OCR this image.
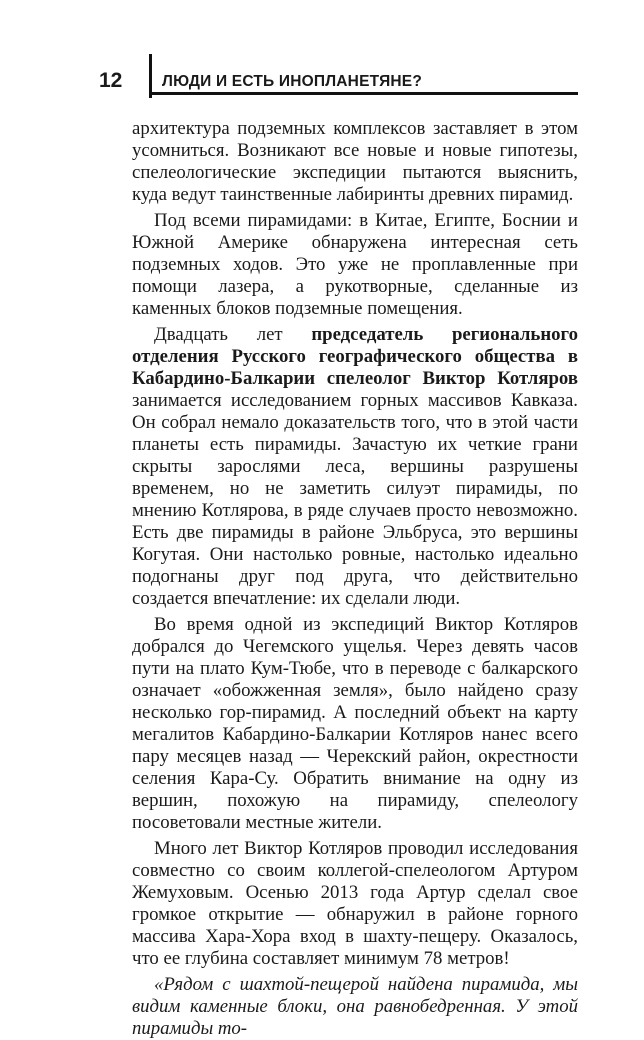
12	ЛЮДИ И ЕСТЬ ИНОПЛАНЕТЯНЕ?

архитектура подземных комплексов заставляет в этом усомниться. Возникают все новые и новые гипотезы, спелеологические экспедиции пытаются выяснить, куда ведут таинственные лабиринты древних пирамид.

Под всеми пирамидами: в Китае, Египте, Боснии и Южной Америке обнаружена интересная сеть подземных ходов. Это уже не проплавленные при помощи лазера, а рукотворные, сделанные из каменных блоков подземные помещения.

Двадцать лет председатель регионального отделения Русского географического общества в Кабардино-Балкарии спелеолог Виктор Котляров занимается исследованием горных массивов Кавказа. Он собрал немало доказательств того, что в этой части планеты есть пирамиды. Зачастую их четкие грани скрыты зарослями леса, вершины разрушены временем, но не заметить силуэт пирамиды, по мнению Котлярова, в ряде случаев просто невозможно. Есть две пирамиды в районе Эльбруса, это вершины Когутая. Они настолько ровные, настолько идеально подогнаны друг под друга, что действительно создается впечатление: их сделали люди.

Во время одной из экспедиций Виктор Котляров добрался до Чегемского ущелья. Через девять часов пути на плато Кум-Тюбе, что в переводе с балкарского означает «обожженная земля», было найдено сразу несколько гор-пирамид. А последний объект на карту мегалитов Кабардино-Балкарии Котляров нанес всего пару месяцев назад — Черекский район, окрестности селения Кара-Су. Обратить внимание на одну из вершин, похожую на пирамиду, спелеологу посоветовали местные жители.

Много лет Виктор Котляров проводил исследования совместно со своим коллегой-спелеологом Артуром Жемуховым. Осенью 2013 года Артур сделал свое громкое открытие — обнаружил в районе горного массива Хара-Хора вход в шахту-пещеру. Оказалось, что ее глубина составляет минимум 78 метров!

«Рядом с шахтой-пещерой найдена пирамида, мы видим каменные блоки, она равнобедренная. У этой пирамиды то-
